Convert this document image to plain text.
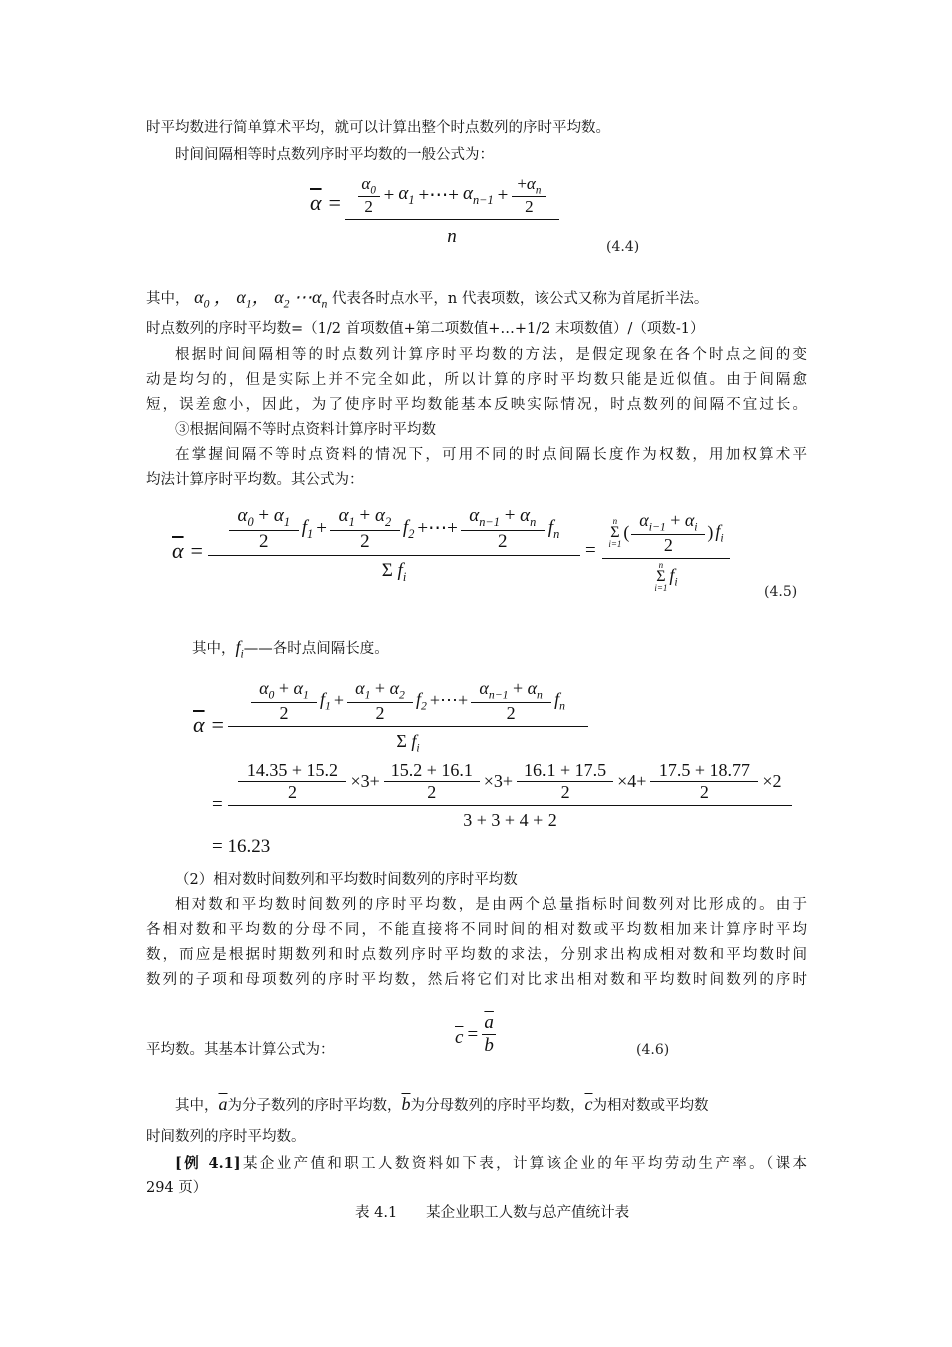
时平均数进行简单算术平均，就可以计算出整个时点数列的序时平均数。
时间间隔相等时点数列序时平均数的一般公式为：
$\overline{\alpha}$ =
$\alpha_0$
2
+ $\alpha_1$ +⋯+ $\alpha_{n-1}$ +
$+\alpha_n$
2
n	(4.4)
其中， $\alpha_0$ ， $\alpha_1$， $\alpha_2$ $\cdots\alpha_n$ 代表各时点水平，n 代表项数，该公式又称为首尾折半法。
时点数列的序时平均数=（1/2 首项数值+第二项数值+…+1/2 末项数值）/（项数-1）
根据时间间隔相等的时点数列计算序时平均数的方法，是假定现象在各个时点之间的变
动是均匀的，但是实际上并不完全如此，所以计算的序时平均数只能是近似值。由于间隔愈
短，误差愈小，因此，为了使序时平均数能基本反映实际情况，时点数列的间隔不宜过长。
③根据间隔不等时点资料计算序时平均数
在掌握间隔不等时点资料的情况下，可用不同的时点间隔长度作为权数，用加权算术平
均法计算序时平均数。其公式为：
$\overline{\alpha}$ =
$\alpha_0 + \alpha_1$
2
$f_1$ +
$\alpha_1 + \alpha_2$
2
$f_2$ +⋯+
$\alpha_{n-1} + \alpha_n$
2
$f_n$
Σ $f_i$
=
n
Σ
i=1
(
$\alpha_{i-1} + \alpha_i$
2
) $f_i$
n
Σ
i=1
$f_i$
(4.5)
其中，$f_i——$各时点间隔长度。
$\overline{\alpha}$ =
$\alpha_0 + \alpha_1$
2
$f_1$ +
$\alpha_1 + \alpha_2$
2
$f_2$ +⋯+
$\alpha_{n-1} + \alpha_n$
2
$f_n$
Σ $f_i$
=
14.35 + 15.2
2
×3+
15.2 + 16.1
2
×3+
16.1 + 17.5
2
×4+
17.5 + 18.77
2
×2
3 + 3 + 4 + 2
= 16.23
（2）相对数时间数列和平均数时间数列的序时平均数
相对数和平均数时间数列的序时平均数，是由两个总量指标时间数列对比形成的。由于
各相对数和平均数的分母不同，不能直接将不同时间的相对数或平均数相加来计算序时平均
数，而应是根据时期数列和时点数列序时平均数的求法，分别求出构成相对数和平均数时间
数列的子项和母项数列的序时平均数，然后将它们对比求出相对数和平均数时间数列的序时
$\overline{c} = \frac{\overline{a}}{b}$
平均数。其基本计算公式为：	(4.6)
其中，$\overline{a}$为分子数列的序时平均数，$\overline{b}$为分母数列的序时平均数，$\overline{c}$为相对数或平均数
时间数列的序时平均数。
[例 4.1]某企业产值和职工人数资料如下表，计算该企业的年平均劳动生产率。（课本
294 页）
表 4.1　　某企业职工人数与总产值统计表
